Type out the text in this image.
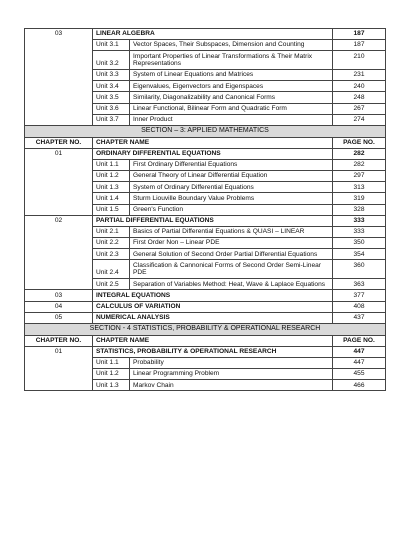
03	LINEAR ALGEBRA		187
	Unit 3.1	Vector Spaces, Their Subspaces, Dimension and Counting	187
	Unit 3.2	Important Properties of Linear Transformations & Their Matrix Representations	210
	Unit 3.3	System of Linear Equations and Matrices	231
	Unit 3.4	Eigenvalues, Eigenvectors and Eigenspaces	240
	Unit 3.5	Similarity, Diagonalizability and Canonical Forms	248
	Unit 3.6	Linear Functional, Bilinear Form and Quadratic Form	267
	Unit 3.7	Inner Product	274
SECTION – 3: APPLIED MATHEMATICS			
CHAPTER NO.	CHAPTER NAME		PAGE NO.
01	ORDINARY DIFFERENTIAL EQUATIONS		282
	Unit 1.1	First Ordinary Differential Equations	282
	Unit 1.2	General Theory of Linear Differential Equation	297
	Unit 1.3	System of Ordinary Differential Equations	313
	Unit 1.4	Sturm Liouville Boundary Value Problems	319
	Unit 1.5	Green's Function	328
02	PARTIAL DIFFERENTIAL EQUATIONS		333
	Unit 2.1	Basics of Partial Differential Equations & QUASI – LINEAR	333
	Unit 2.2	First Order Non – Linear PDE	350
	Unit 2.3	General Solution of Second Order Partial Differential Equations	354
	Unit 2.4	Classification & Cannonical Forms of Second Order Semi-Linear PDE	360
	Unit 2.5	Separation of Variables Method: Heat, Wave & Laplace Equations	363
03	INTEGRAL EQUATIONS		377
04	CALCULUS OF VARIATION		408
05	NUMERICAL ANALYSIS		437
SECTION - 4 STATISTICS, PROBABILITY & OPERATIONAL RESEARCH			
CHAPTER NO.	CHAPTER NAME		PAGE NO.
01	STATISTICS, PROBABILITY & OPERATIONAL RESEARCH		447
	Unit 1.1	Probability	447
	Unit 1.2	Linear Programming Problem	455
	Unit 1.3	Markov Chain	466
